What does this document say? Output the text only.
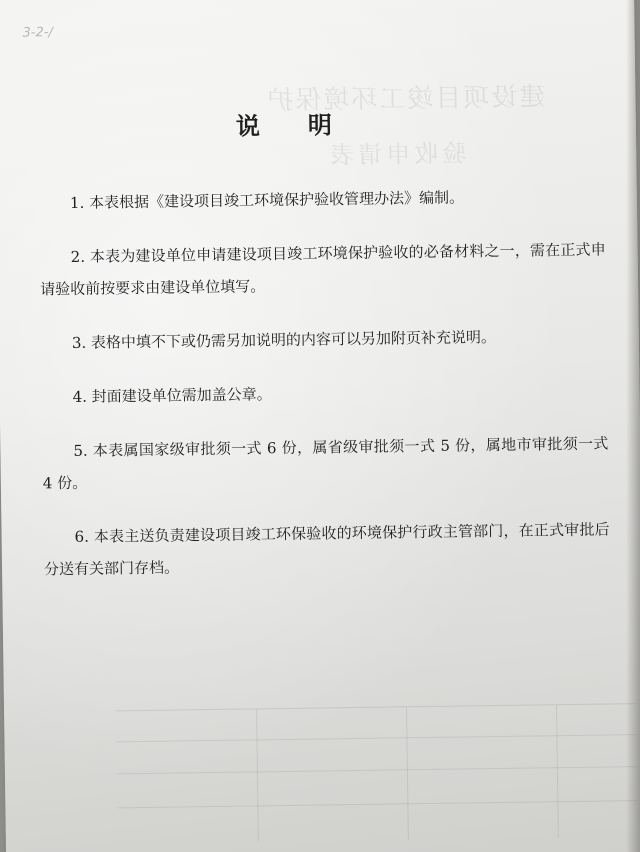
建设项目竣工环境保护
验收申请表
3-2-/
说明

1. 本表根据《建设项目竣工环境保护验收管理办法》编制。

2. 本表为建设单位申请建设项目竣工环境保护验收的必备材料之一，需在正式申请验收前按要求由建设单位填写。

3. 表格中填不下或仍需另加说明的内容可以另加附页补充说明。

4. 封面建设单位需加盖公章。

5. 本表属国家级审批须一式 6 份，属省级审批须一式 5 份，属地市审批须一式 4 份。

6. 本表主送负责建设项目竣工环保验收的环境保护行政主管部门，在正式审批后分送有关部门存档。
